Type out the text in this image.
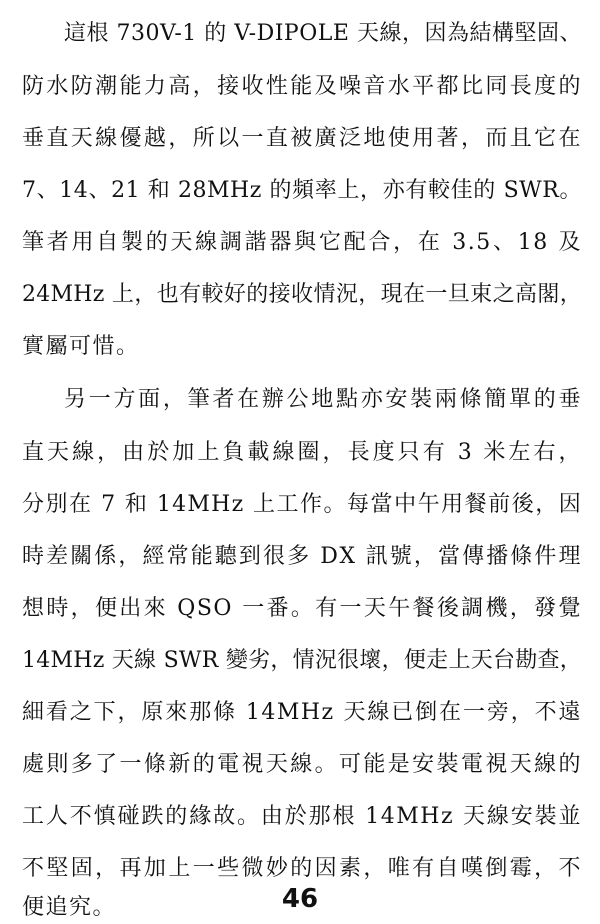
這根 730V-1 的 V-DIPOLE 天線，因為結構堅固、
防水防潮能力高，接收性能及噪音水平都比同長度的
垂直天線優越，所以一直被廣泛地使用著，而且它在
7、14、21 和 28MHz 的頻率上，亦有較佳的 SWR。
筆者用自製的天線調諧器與它配合，在 3.5、18 及
24MHz 上，也有較好的接收情況，現在一旦束之高閣，
實屬可惜。
另一方面，筆者在辦公地點亦安裝兩條簡單的垂
直天線，由於加上負載線圈，長度只有 3 米左右，
分別在 7 和 14MHz 上工作。每當中午用餐前後，因
時差關係，經常能聽到很多 DX 訊號，當傳播條件理
想時，便出來 QSO 一番。有一天午餐後調機，發覺
14MHz 天線 SWR 變劣，情況很壞，便走上天台勘查，
細看之下，原來那條 14MHz 天線已倒在一旁，不遠
處則多了一條新的電視天線。可能是安裝電視天線的
工人不慎碰跌的緣故。由於那根 14MHz 天線安裝並
不堅固，再加上一些微妙的因素，唯有自嘆倒霉，不
便追究。	46
